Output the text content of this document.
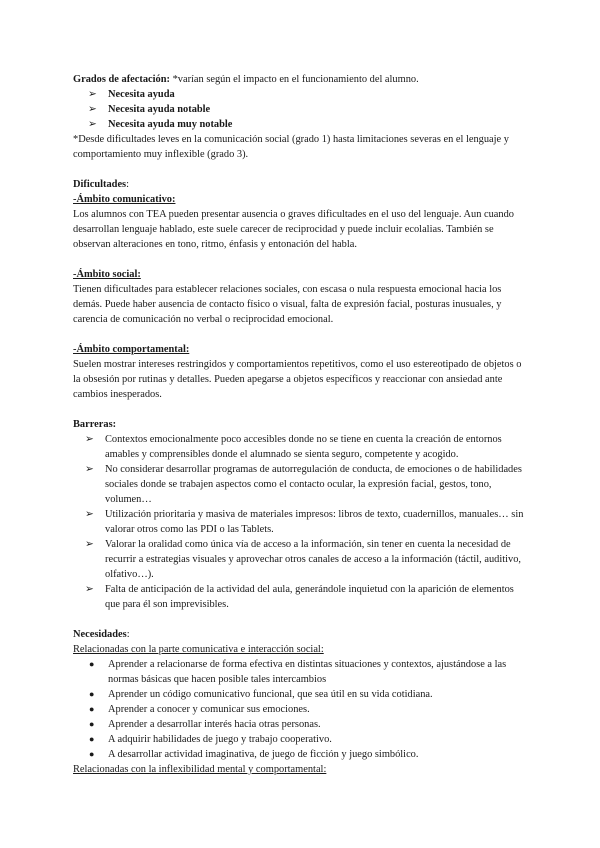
Grados de afectación: *varían según el impacto en el funcionamiento del alumno.

➢ Necesita ayuda
➢ Necesita ayuda notable
➢ Necesita ayuda muy notable

*Desde dificultades leves en la comunicación social (grado 1) hasta limitaciones severas en el lenguaje y comportamiento muy inflexible (grado 3).

Dificultades:

-Ámbito comunicativo:

Los alumnos con TEA pueden presentar ausencia o graves dificultades en el uso del lenguaje. Aun cuando desarrollan lenguaje hablado, este suele carecer de reciprocidad y puede incluir ecolalias. También se observan alteraciones en tono, ritmo, énfasis y entonación del habla.

-Ámbito social:

Tienen dificultades para establecer relaciones sociales, con escasa o nula respuesta emocional hacia los demás. Puede haber ausencia de contacto físico o visual, falta de expresión facial, posturas inusuales, y carencia de comunicación no verbal o reciprocidad emocional.

-Ámbito comportamental:

Suelen mostrar intereses restringidos y comportamientos repetitivos, como el uso estereotipado de objetos o la obsesión por rutinas y detalles. Pueden apegarse a objetos específicos y reaccionar con ansiedad ante cambios inesperados.

Barreras:

➢ Contextos emocionalmente poco accesibles donde no se tiene en cuenta la creación de entornos amables y comprensibles donde el alumnado se sienta seguro, competente y acogido.
➢ No considerar desarrollar programas de autorregulación de conducta, de emociones o de habilidades sociales donde se trabajen aspectos como el contacto ocular, la expresión facial, gestos, tono, volumen…
➢ Utilización prioritaria y masiva de materiales impresos: libros de texto, cuadernillos, manuales… sin valorar otros como las PDI o las Tablets.
➢ Valorar la oralidad como única vía de acceso a la información, sin tener en cuenta la necesidad de recurrir a estrategias visuales y aprovechar otros canales de acceso a la información (táctil, auditivo, olfativo…).
➢ Falta de anticipación de la actividad del aula, generándole inquietud con la aparición de elementos que para él son imprevisibles.

Necesidades:

Relacionadas con la parte comunicativa e interacción social:

● Aprender a relacionarse de forma efectiva en distintas situaciones y contextos, ajustándose a las normas básicas que hacen posible tales intercambios
● Aprender un código comunicativo funcional, que sea útil en su vida cotidiana.
● Aprender a conocer y comunicar sus emociones.
● Aprender a desarrollar interés hacia otras personas.
● A adquirir habilidades de juego y trabajo cooperativo.
● A desarrollar actividad imaginativa, de juego de ficción y juego simbólico.

Relacionadas con la inflexibilidad mental y comportamental:
